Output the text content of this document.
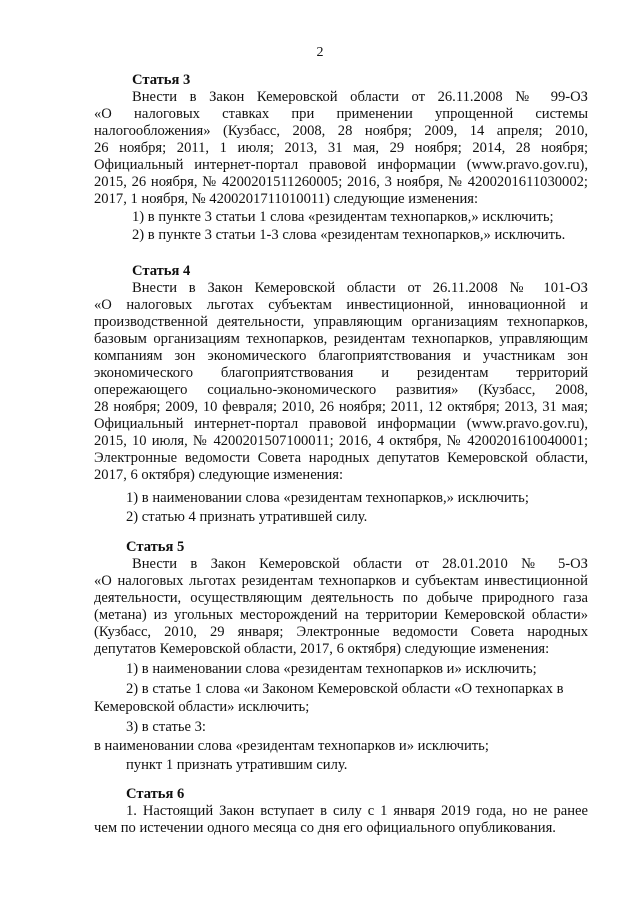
2
Статья 3
Внести в Закон Кемеровской области от 26.11.2008 № 99-ОЗ
«О налоговых ставках при применении упрощенной системы
налогообложения» (Кузбасс, 2008, 28 ноября; 2009, 14 апреля; 2010,
26 ноября; 2011, 1 июля; 2013, 31 мая, 29 ноября; 2014, 28 ноября;
Официальный интернет-портал правовой информации (www.pravo.gov.ru),
2015, 26 ноября, № 4200201511260005; 2016, 3 ноября, № 4200201611030002;
2017, 1 ноября, № 4200201711010011) следующие изменения:
1) в пункте 3 статьи 1 слова «резидентам технопарков,» исключить;
2) в пункте 3 статьи 1-3 слова «резидентам технопарков,» исключить.
Статья 4
Внести в Закон Кемеровской области от 26.11.2008 № 101-ОЗ
«О налоговых льготах субъектам инвестиционной, инновационной и
производственной деятельности, управляющим организациям технопарков,
базовым организациям технопарков, резидентам технопарков, управляющим
компаниям зон экономического благоприятствования и участникам зон
экономического благоприятствования и резидентам территорий
опережающего социально-экономического развития» (Кузбасс, 2008,
28 ноября; 2009, 10 февраля; 2010, 26 ноября; 2011, 12 октября; 2013, 31 мая;
Официальный интернет-портал правовой информации (www.pravo.gov.ru),
2015, 10 июля, № 4200201507100011; 2016, 4 октября, № 4200201610040001;
Электронные ведомости Совета народных депутатов Кемеровской области,
2017, 6 октября) следующие изменения:
1) в наименовании слова «резидентам технопарков,» исключить;
2) статью 4 признать утратившей силу.
Статья 5
Внести в Закон Кемеровской области от 28.01.2010 № 5-ОЗ
«О налоговых льготах резидентам технопарков и субъектам инвестиционной
деятельности, осуществляющим деятельность по добыче природного газа
(метана) из угольных месторождений на территории Кемеровской области»
(Кузбасс, 2010, 29 января; Электронные ведомости Совета народных
депутатов Кемеровской области, 2017, 6 октября) следующие изменения:
1) в наименовании слова «резидентам технопарков и» исключить;
2) в статье 1 слова «и Законом Кемеровской области «О технопарках в
Кемеровской области» исключить;
3) в статье 3:
в наименовании слова «резидентам технопарков и» исключить;
пункт 1 признать утратившим силу.
Статья 6
1. Настоящий Закон вступает в силу с 1 января 2019 года, но не ранее
чем по истечении одного месяца со дня его официального опубликования.
